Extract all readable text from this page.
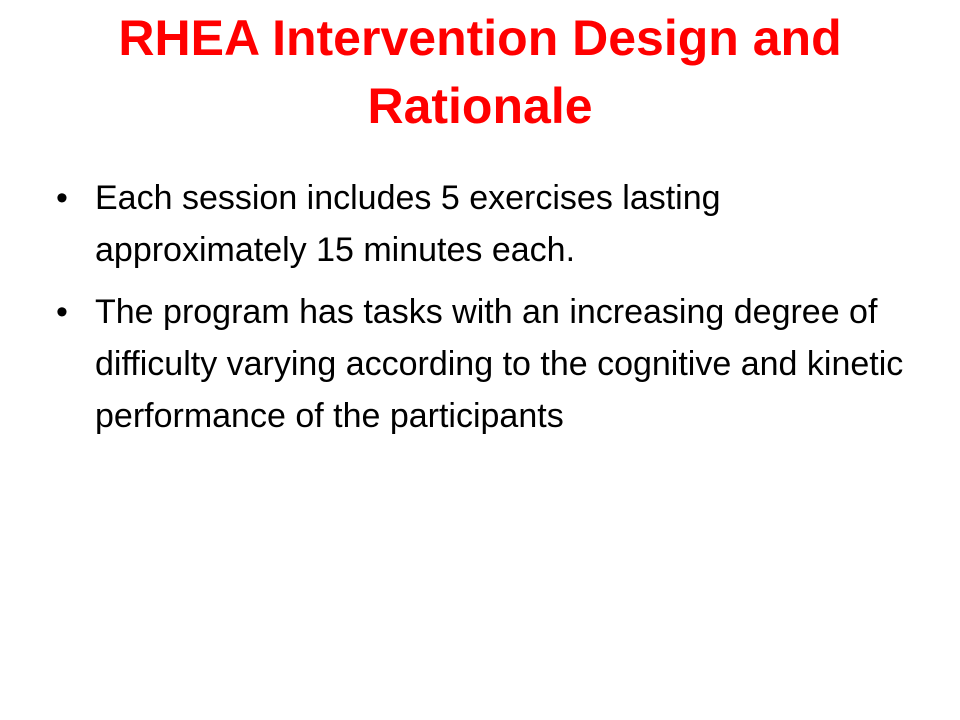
RHEA Intervention Design and Rationale
• Each session includes 5 exercises lasting approximately 15 minutes each.
• The program has tasks with an increasing degree of difficulty varying according to the cognitive and kinetic performance of the participants
